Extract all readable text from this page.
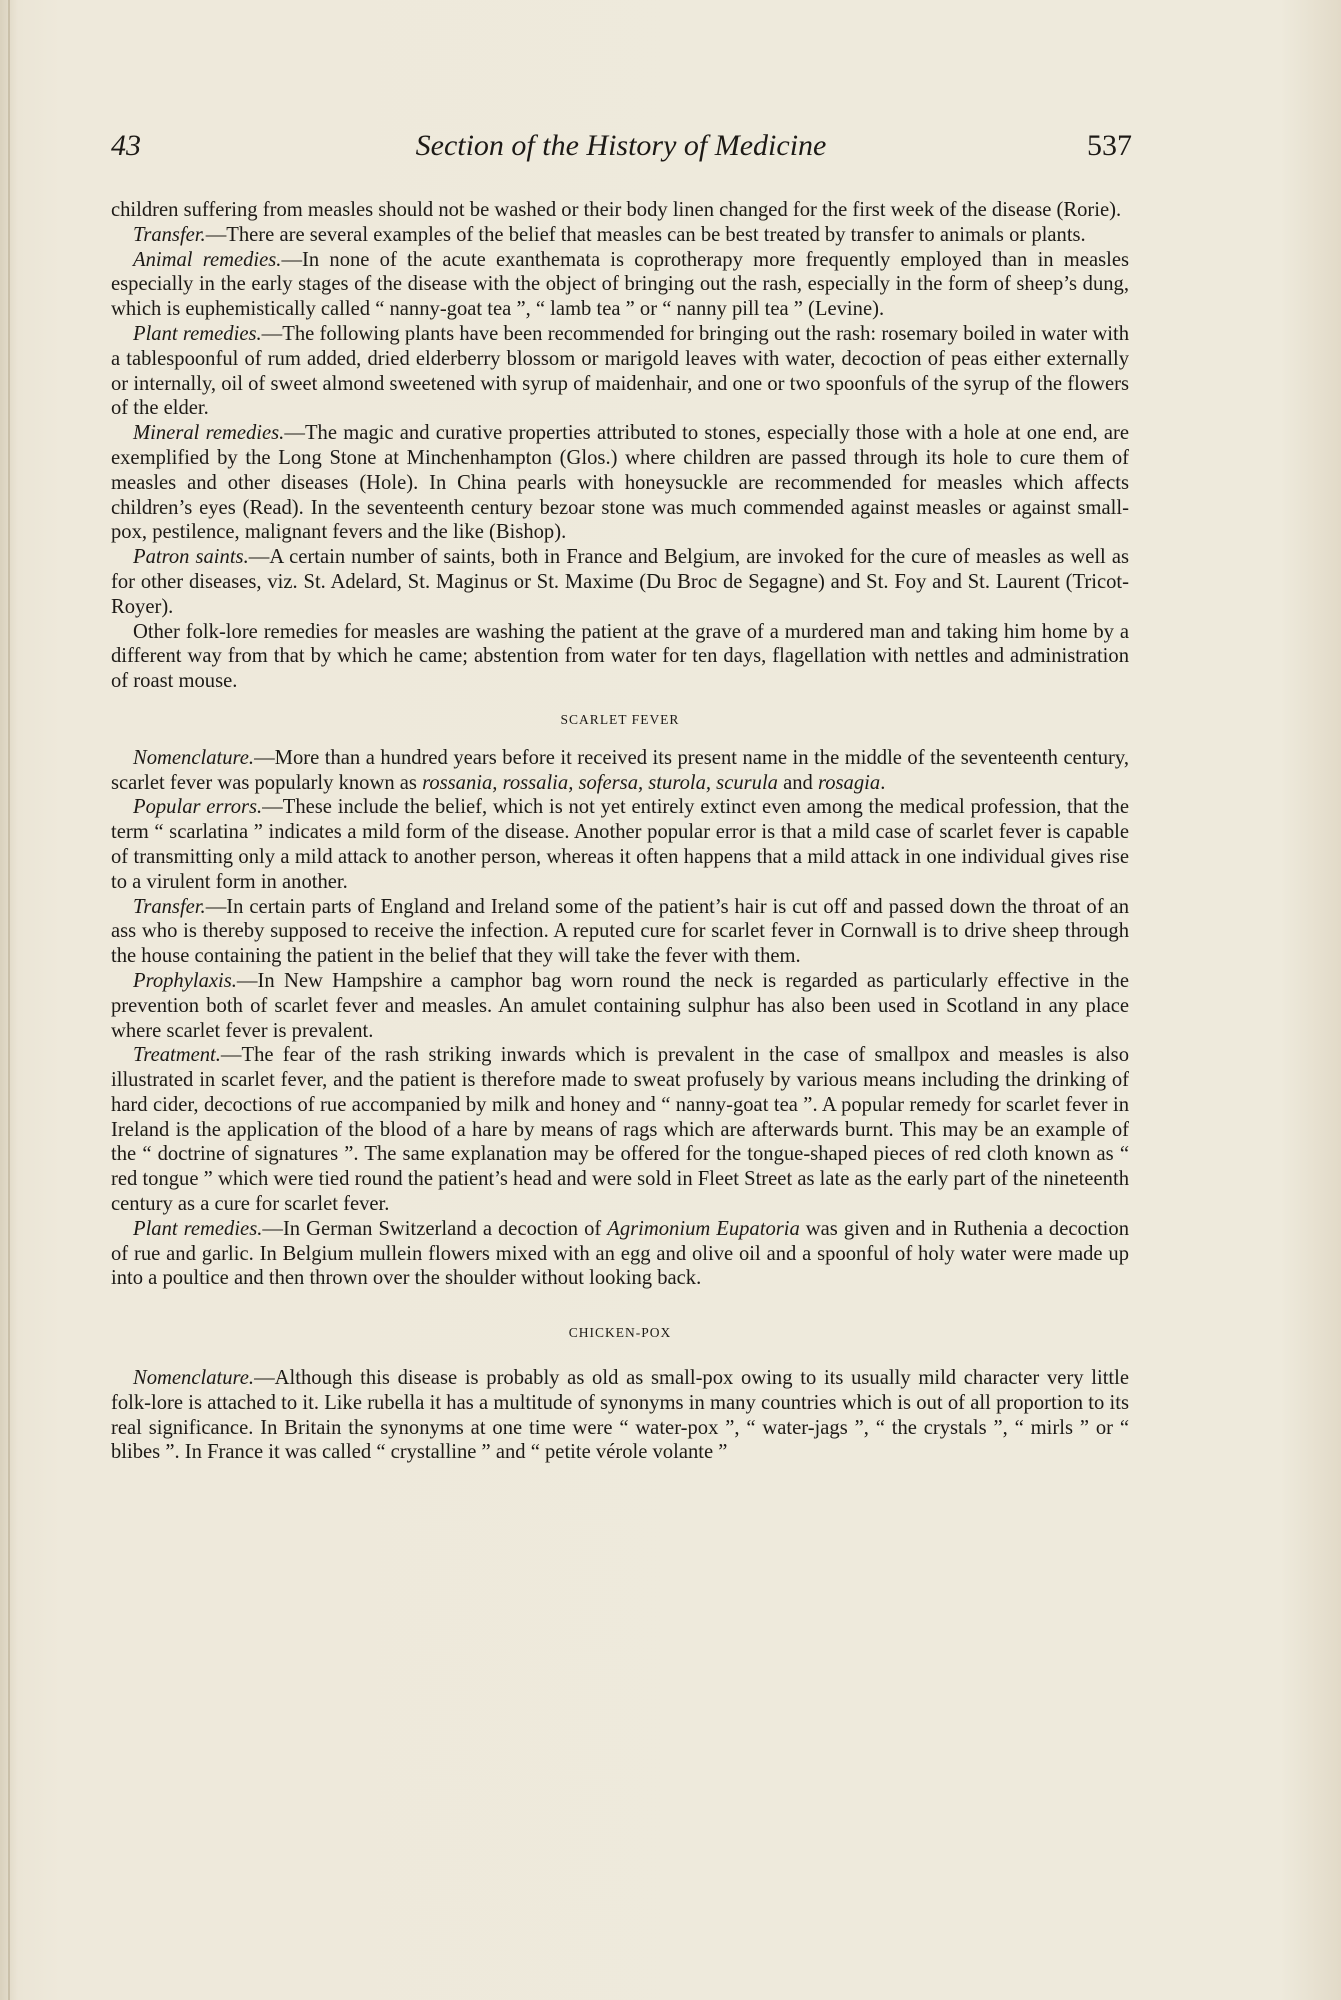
43	Section of the History of Medicine	537

children suffering from measles should not be washed or their body linen changed for the first week of the disease (Rorie).

Transfer.—There are several examples of the belief that measles can be best treated by transfer to animals or plants.

Animal remedies.—In none of the acute exanthemata is coprotherapy more frequently employed than in measles especially in the early stages of the disease with the object of bringing out the rash, especially in the form of sheep’s dung, which is euphemistically called “ nanny-goat tea ”, “ lamb tea ” or “ nanny pill tea ” (Levine).

Plant remedies.—The following plants have been recommended for bringing out the rash: rosemary boiled in water with a tablespoonful of rum added, dried elderberry blossom or marigold leaves with water, decoction of peas either externally or internally, oil of sweet almond sweetened with syrup of maidenhair, and one or two spoonfuls of the syrup of the flowers of the elder.

Mineral remedies.—The magic and curative properties attributed to stones, especially those with a hole at one end, are exemplified by the Long Stone at Minchenhampton (Glos.) where children are passed through its hole to cure them of measles and other diseases (Hole). In China pearls with honeysuckle are recommended for measles which affects children’s eyes (Read). In the seventeenth century bezoar stone was much commended against measles or against small-pox, pestilence, malignant fevers and the like (Bishop).

Patron saints.—A certain number of saints, both in France and Belgium, are invoked for the cure of measles as well as for other diseases, viz. St. Adelard, St. Maginus or St. Maxime (Du Broc de Segagne) and St. Foy and St. Laurent (Tricot-Royer).

Other folk-lore remedies for measles are washing the patient at the grave of a murdered man and taking him home by a different way from that by which he came; abstention from water for ten days, flagellation with nettles and administration of roast mouse.

SCARLET FEVER

Nomenclature.—More than a hundred years before it received its present name in the middle of the seventeenth century, scarlet fever was popularly known as rossania, rossalia, sofersa, sturola, scurula and rosagia.

Popular errors.—These include the belief, which is not yet entirely extinct even among the medical profession, that the term “ scarlatina ” indicates a mild form of the disease. Another popular error is that a mild case of scarlet fever is capable of transmitting only a mild attack to another person, whereas it often happens that a mild attack in one individual gives rise to a virulent form in another.

Transfer.—In certain parts of England and Ireland some of the patient’s hair is cut off and passed down the throat of an ass who is thereby supposed to receive the infection. A reputed cure for scarlet fever in Cornwall is to drive sheep through the house containing the patient in the belief that they will take the fever with them.

Prophylaxis.—In New Hampshire a camphor bag worn round the neck is regarded as particularly effective in the prevention both of scarlet fever and measles. An amulet containing sulphur has also been used in Scotland in any place where scarlet fever is prevalent.

Treatment.—The fear of the rash striking inwards which is prevalent in the case of smallpox and measles is also illustrated in scarlet fever, and the patient is therefore made to sweat profusely by various means including the drinking of hard cider, decoctions of rue accompanied by milk and honey and “ nanny-goat tea ”. A popular remedy for scarlet fever in Ireland is the application of the blood of a hare by means of rags which are afterwards burnt. This may be an example of the “ doctrine of signatures ”. The same explanation may be offered for the tongue-shaped pieces of red cloth known as “ red tongue ” which were tied round the patient’s head and were sold in Fleet Street as late as the early part of the nineteenth century as a cure for scarlet fever.

Plant remedies.—In German Switzerland a decoction of Agrimonium Eupatoria was given and in Ruthenia a decoction of rue and garlic. In Belgium mullein flowers mixed with an egg and olive oil and a spoonful of holy water were made up into a poultice and then thrown over the shoulder without looking back.

CHICKEN-POX

Nomenclature.—Although this disease is probably as old as small-pox owing to its usually mild character very little folk-lore is attached to it. Like rubella it has a multitude of synonyms in many countries which is out of all proportion to its real significance. In Britain the synonyms at one time were “ water-pox ”, “ water-jags ”, “ the crystals ”, “ mirls ” or “ blibes ”. In France it was called “ crystalline ” and “ petite vérole volante ”
